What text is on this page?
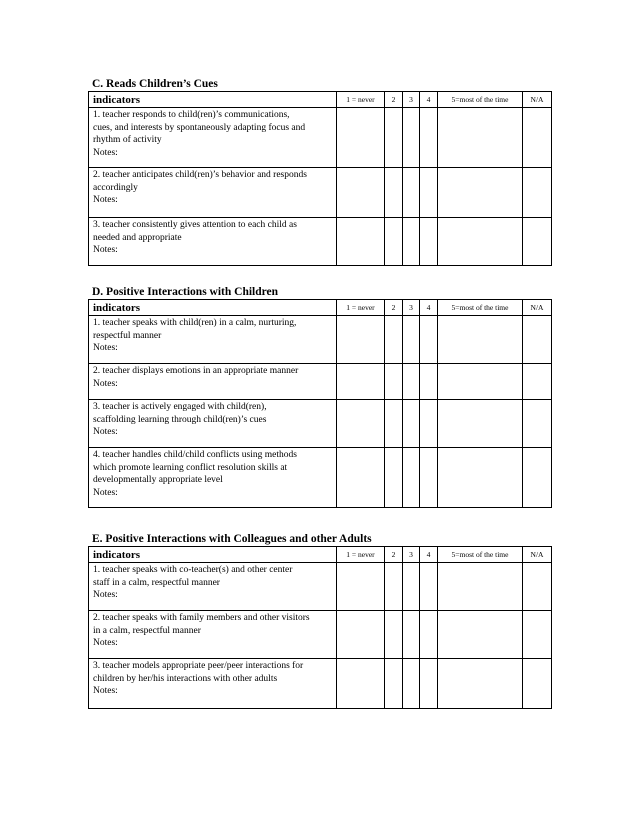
C. Reads Children’s Cues
indicators	1 = never	2	3	4	5=most of the time	N/A

1. teacher responds to child(ren)’s communications,
cues, and interests by spontaneously adapting focus and
rhythm of activity
Notes:						

2. teacher anticipates child(ren)’s behavior and responds
accordingly
Notes:						

3. teacher consistently gives attention to each child as
needed and appropriate
Notes:						

D. Positive Interactions with Children
indicators	1 = never	2	3	4	5=most of the time	N/A

1. teacher speaks with child(ren) in a calm, nurturing,
respectful manner
Notes:						

2. teacher displays emotions in an appropriate manner
Notes:						

3. teacher is actively engaged with child(ren),
scaffolding learning through child(ren)’s cues
Notes:						

4. teacher handles child/child conflicts using methods
which promote learning conflict resolution skills at
developmentally appropriate level
Notes:						

E. Positive Interactions with Colleagues and other Adults
indicators	1 = never	2	3	4	5=most of the time	N/A

1. teacher speaks with co-teacher(s) and other center
staff in a calm, respectful manner
Notes:						

2. teacher speaks with family members and other visitors
in a calm, respectful manner
Notes:						

3. teacher models appropriate peer/peer interactions for
children by her/his interactions with other adults
Notes:						
